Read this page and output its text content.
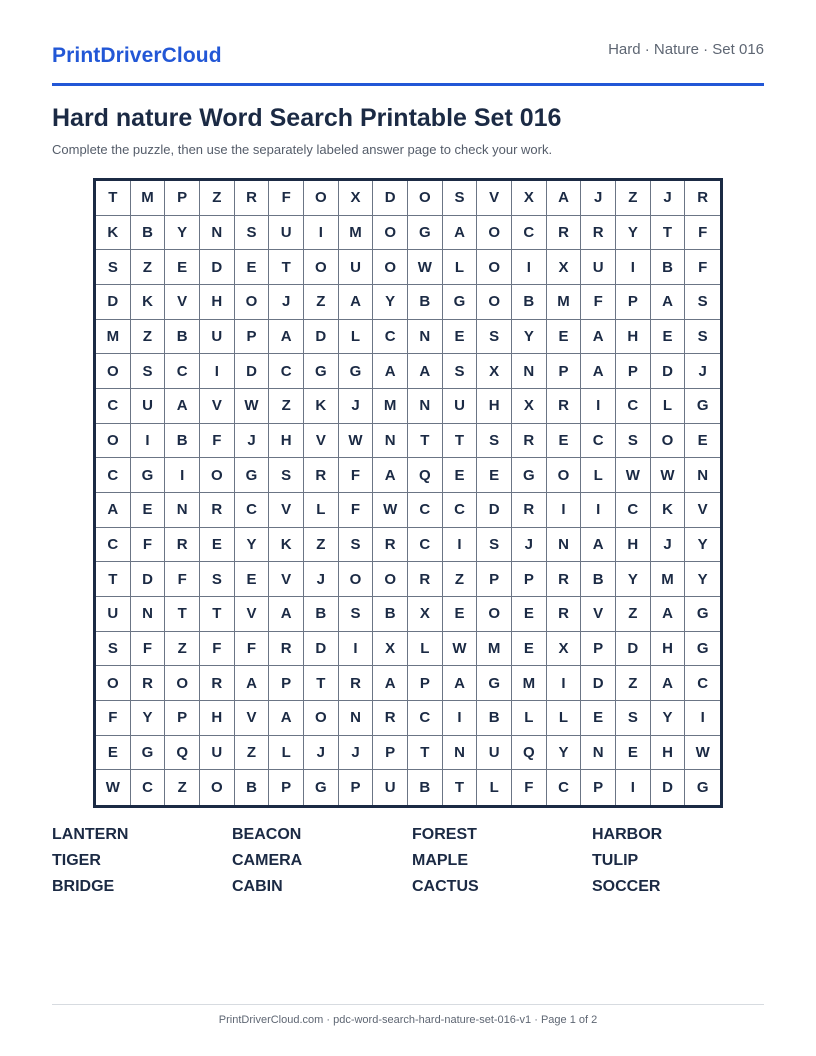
PrintDriverCloud	Hard · Nature · Set 016
Hard nature Word Search Printable Set 016
Complete the puzzle, then use the separately labeled answer page to check your work.
T	M	P	Z	R	F	O	X	D	O	S	V	X	A	J	Z	J	R
K	B	Y	N	S	U	I	M	O	G	A	O	C	R	R	Y	T	F
S	Z	E	D	E	T	O	U	O	W	L	O	I	X	U	I	B	F
D	K	V	H	O	J	Z	A	Y	B	G	O	B	M	F	P	A	S
M	Z	B	U	P	A	D	L	C	N	E	S	Y	E	A	H	E	S
O	S	C	I	D	C	G	G	A	A	S	X	N	P	A	P	D	J
C	U	A	V	W	Z	K	J	M	N	U	H	X	R	I	C	L	G
O	I	B	F	J	H	V	W	N	T	T	S	R	E	C	S	O	E
C	G	I	O	G	S	R	F	A	Q	E	E	G	O	L	W	W	N
A	E	N	R	C	V	L	F	W	C	C	D	R	I	I	C	K	V
C	F	R	E	Y	K	Z	S	R	C	I	S	J	N	A	H	J	Y
T	D	F	S	E	V	J	O	O	R	Z	P	P	R	B	Y	M	Y
U	N	T	T	V	A	B	S	B	X	E	O	E	R	V	Z	A	G
S	F	Z	F	F	R	D	I	X	L	W	M	E	X	P	D	H	G
O	R	O	R	A	P	T	R	A	P	A	G	M	I	D	Z	A	C
F	Y	P	H	V	A	O	N	R	C	I	B	L	L	E	S	Y	I
E	G	Q	U	Z	L	J	J	P	T	N	U	Q	Y	N	E	H	W
W	C	Z	O	B	P	G	P	U	B	T	L	F	C	P	I	D	G
LANTERN	BEACON	FOREST	HARBOR
TIGER	CAMERA	MAPLE	TULIP
BRIDGE	CABIN	CACTUS	SOCCER
PrintDriverCloud.com · pdc-word-search-hard-nature-set-016-v1 · Page 1 of 2
